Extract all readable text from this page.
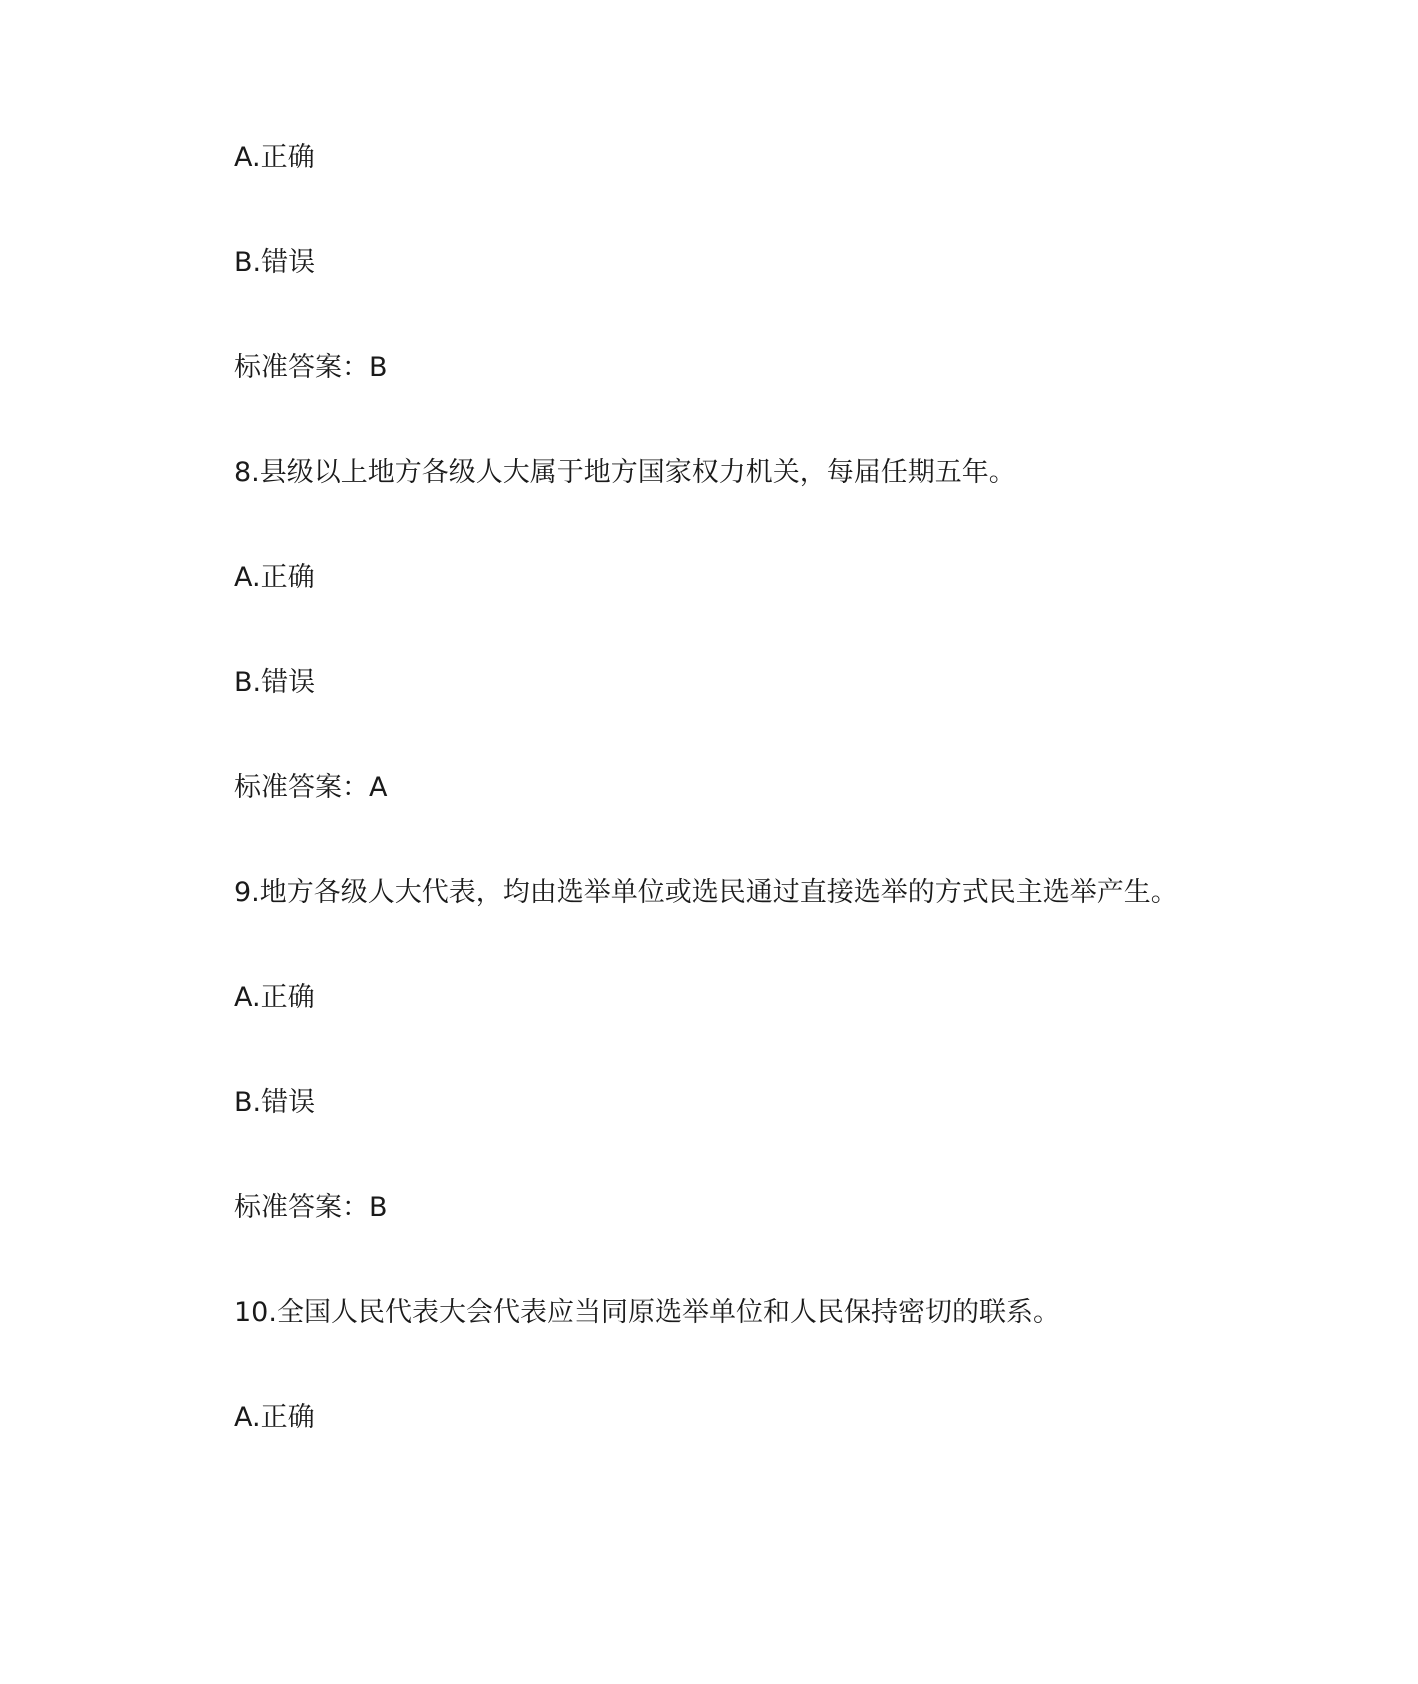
A.正确
B.错误
标准答案：B
8.县级以上地方各级人大属于地方国家权力机关，每届任期五年。
A.正确
B.错误
标准答案：A
9.地方各级人大代表，均由选举单位或选民通过直接选举的方式民主选举产生。
A.正确
B.错误
标准答案：B
10.全国人民代表大会代表应当同原选举单位和人民保持密切的联系。
A.正确
